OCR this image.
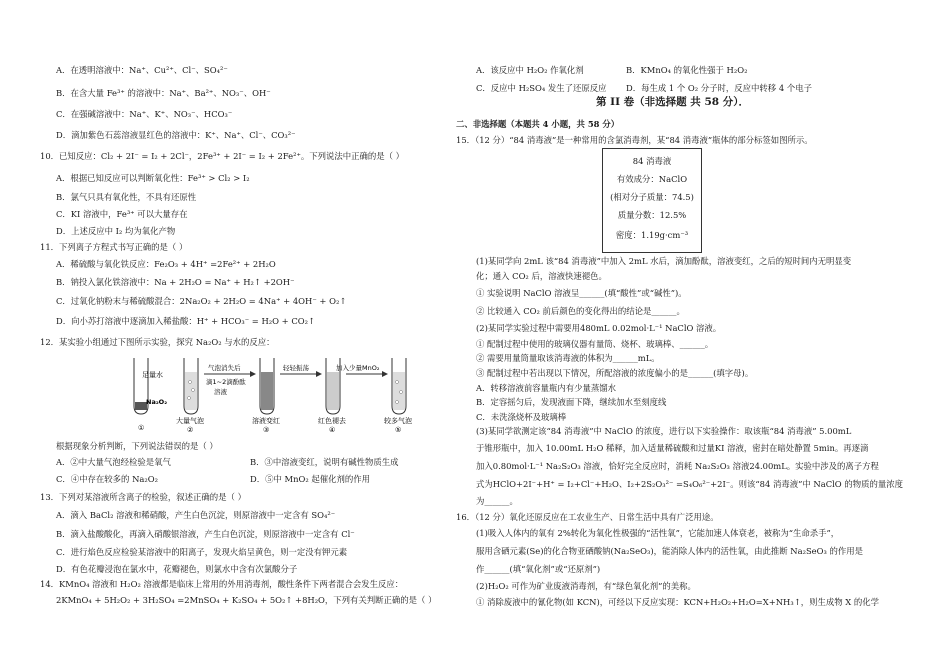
A．在透明溶液中：Na⁺、Cu²⁺、Cl⁻、SO₄²⁻
B．在含大量 Fe³⁺ 的溶液中：Na⁺、Ba²⁺、NO₃⁻、OH⁻
C．在强碱溶液中：Na⁺、K⁺、NO₃⁻、HCO₃⁻
D．滴加紫色石蕊溶液显红色的溶液中：K⁺、Na⁺、Cl⁻、CO₃²⁻
10．已知反应：Cl₂ + 2I⁻ = I₂ + 2Cl⁻，2Fe³⁺ + 2I⁻ = I₂ + 2Fe²⁺。下列说法中正确的是（ ）
A．根据已知反应可以判断氧化性：Fe³⁺ > Cl₂ > I₂
B．氯气只具有氧化性，不具有还原性
C．KI 溶液中，Fe³⁺ 可以大量存在
D．上述反应中 I₂ 均为氧化产物
11．下列离子方程式书写正确的是（ ）
A．稀硫酸与氧化铁反应：Fe₂O₃ + 4H⁺ =2Fe²⁺ + 2H₂O
B．钠投入氯化铁溶液中：Na + 2H₂O = Na⁺ + H₂↑ +2OH⁻
C．过氧化钠粉末与稀硫酸混合：2Na₂O₂ + 2H₂O = 4Na⁺ + 4OH⁻ + O₂↑
D．向小苏打溶液中逐滴加入稀盐酸：H⁺ + HCO₃⁻ = H₂O + CO₂↑
12．某实验小组通过下图所示实验，探究 Na₂O₂ 与水的反应：
足量水
Na₂O₂
①
大量气泡
②
气泡消失后
滴1~2滴酚酞
溶液
溶液变红
③
轻轻振荡
红色褪去
④
加入少量MnO₂
较多气泡
⑤
根据现象分析判断，下列说法错误的是（ ）
A．②中大量气泡经检验是氧气	B．③中溶液变红，说明有碱性物质生成
C．④中存在较多的 Na₂O₂	D．⑤中 MnO₂ 起催化剂的作用
13．下列对某溶液所含离子的检验，叙述正确的是（ ）
A．滴入 BaCl₂ 溶液和稀硝酸，产生白色沉淀，则原溶液中一定含有 SO₄²⁻
B．滴入盐酸酸化，再滴入硝酸银溶液，产生白色沉淀，则原溶液中一定含有 Cl⁻
C．进行焰色反应检验某溶液中的阳离子，发现火焰呈黄色，则一定没有钾元素
D．有色花瓣浸泡在氯水中，花瓣褪色，则氯水中含有次氯酸分子
14．KMnO₄ 溶液和 H₂O₂ 溶液都是临床上常用的外用消毒剂，酸性条件下两者混合会发生反应：
2KMnO₄ + 5H₂O₂ + 3H₂SO₄ =2MnSO₄ + K₂SO₄ + 5O₂↑ +8H₂O，下列有关判断正确的是（ ）
A．该反应中 H₂O₂ 作氧化剂	B．KMnO₄ 的氧化性强于 H₂O₂
C．反应中 H₂SO₄ 发生了还原反应 D．每生成 1 个 O₂ 分子时，反应中转移 4 个电子
二、非选择题（本题共 4 小题，共 58 分）
15．（12 分）“84 消毒液”是一种常用的含氯消毒剂，某“84 消毒液”瓶体的部分标签如图所示。
第 II 卷（非选择题 共 58 分）．
84 消毒液
有效成分：NaClO
(相对分子质量：74.5)
质量分数：12.5%
密度：1.19g·cm⁻³
(1)某同学向 2mL 该“84 消毒液”中加入 2mL 水后，滴加酚酞，溶液变红，之后的短时间内无明显变
化；通入 CO₂ 后，溶液快速褪色。
① 实验说明 NaClO 溶液呈______(填“酸性”或“碱性”)。
② 比较通入 CO₂ 前后颜色的变化得出的结论是______。
(2)某同学实验过程中需要用480mL 0.02mol·L⁻¹ NaClO 溶液。
① 配制过程中使用的玻璃仪器有量筒、烧杯、玻璃棒、______。
② 需要用量筒量取该消毒液的体积为______mL。
③ 配制过程中若出现以下情况，所配溶液的浓度偏小的是______(填字母)。
A．转移溶液前容量瓶内有少量蒸馏水
B．定容摇匀后，发现液面下降，继续加水至刻度线
C．未洗涤烧杯及玻璃棒
(3)某同学欲测定该“84 消毒液”中 NaClO 的浓度，进行以下实验操作：取该瓶“84 消毒液” 5.00mL
于锥形瓶中，加入 10.00mL H₂O 稀释，加入适量稀硫酸和过量KI 溶液，密封在暗处静置 5min。再逐滴
加入0.80mol·L⁻¹ Na₂S₂O₃ 溶液，恰好完全反应时，消耗 Na₂S₂O₃ 溶液24.00mL。实验中涉及的离子方程
式为HClO+2I⁻+H⁺ = I₂+Cl⁻+H₂O、I₂+2S₂O₃²⁻ =S₄O₆²⁻+2I⁻。则该“84 消毒液”中 NaClO 的物质的量浓度
为______。
16．（12 分）氧化还原反应在工农业生产、日常生活中具有广泛用途。
(1)吸入人体内的氧有 2%转化为氧化性极强的“活性氧”，它能加速人体衰老，被称为“生命杀手”，
服用含硒元素(Se)的化合物亚硒酸钠(Na₂SeO₃)，能消除人体内的活性氧，由此推断 Na₂SeO₃ 的作用是
作______(填“氧化剂”或“还原剂”)
(2)H₂O₂ 可作为矿业废液消毒剂，有“绿色氧化剂”的美称。
① 消除废液中的氰化物(如 KCN)，可经以下反应实现：KCN+H₂O₂+H₂O=X+NH₃↑，则生成物 X 的化学
